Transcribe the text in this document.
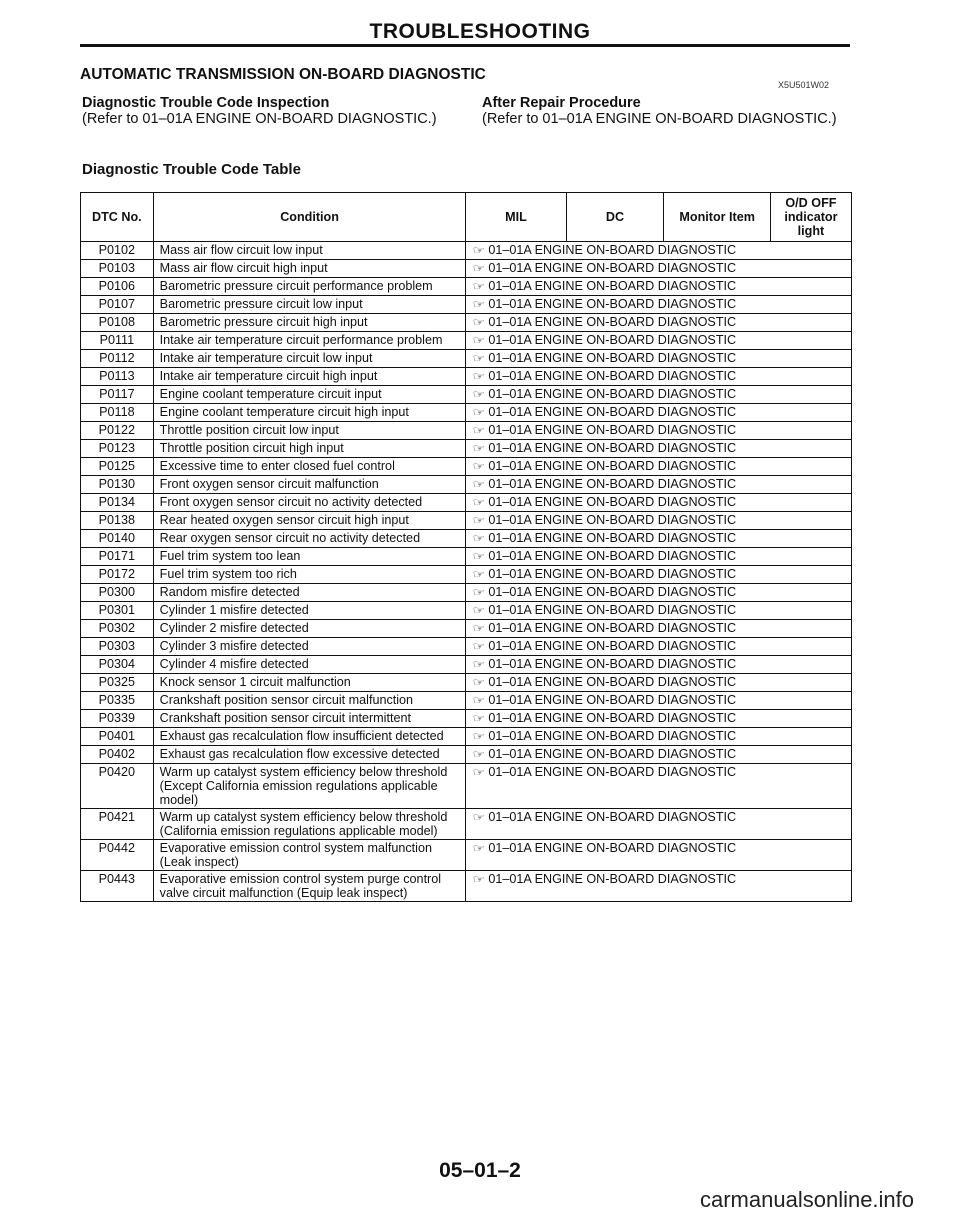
TROUBLESHOOTING
AUTOMATIC TRANSMISSION ON-BOARD DIAGNOSTIC
X5U501W02
Diagnostic Trouble Code Inspection
(Refer to 01–01A ENGINE ON-BOARD DIAGNOSTIC.)
After Repair Procedure
(Refer to 01–01A ENGINE ON-BOARD DIAGNOSTIC.)
Diagnostic Trouble Code Table
DTC No.	Condition	MIL	DC	Monitor Item	O/D OFF indicator light
P0102	Mass air flow circuit low input	☞ 01–01A ENGINE ON-BOARD DIAGNOSTIC			
P0103	Mass air flow circuit high input	☞ 01–01A ENGINE ON-BOARD DIAGNOSTIC			
P0106	Barometric pressure circuit performance problem	☞ 01–01A ENGINE ON-BOARD DIAGNOSTIC			
P0107	Barometric pressure circuit low input	☞ 01–01A ENGINE ON-BOARD DIAGNOSTIC			
P0108	Barometric pressure circuit high input	☞ 01–01A ENGINE ON-BOARD DIAGNOSTIC			
P0111	Intake air temperature circuit performance problem	☞ 01–01A ENGINE ON-BOARD DIAGNOSTIC			
P0112	Intake air temperature circuit low input	☞ 01–01A ENGINE ON-BOARD DIAGNOSTIC			
P0113	Intake air temperature circuit high input	☞ 01–01A ENGINE ON-BOARD DIAGNOSTIC			
P0117	Engine coolant temperature circuit input	☞ 01–01A ENGINE ON-BOARD DIAGNOSTIC			
P0118	Engine coolant temperature circuit high input	☞ 01–01A ENGINE ON-BOARD DIAGNOSTIC			
P0122	Throttle position circuit low input	☞ 01–01A ENGINE ON-BOARD DIAGNOSTIC			
P0123	Throttle position circuit high input	☞ 01–01A ENGINE ON-BOARD DIAGNOSTIC			
P0125	Excessive time to enter closed fuel control	☞ 01–01A ENGINE ON-BOARD DIAGNOSTIC			
P0130	Front oxygen sensor circuit malfunction	☞ 01–01A ENGINE ON-BOARD DIAGNOSTIC			
P0134	Front oxygen sensor circuit no activity detected	☞ 01–01A ENGINE ON-BOARD DIAGNOSTIC			
P0138	Rear heated oxygen sensor circuit high input	☞ 01–01A ENGINE ON-BOARD DIAGNOSTIC			
P0140	Rear oxygen sensor circuit no activity detected	☞ 01–01A ENGINE ON-BOARD DIAGNOSTIC			
P0171	Fuel trim system too lean	☞ 01–01A ENGINE ON-BOARD DIAGNOSTIC			
P0172	Fuel trim system too rich	☞ 01–01A ENGINE ON-BOARD DIAGNOSTIC			
P0300	Random misfire detected	☞ 01–01A ENGINE ON-BOARD DIAGNOSTIC			
P0301	Cylinder 1 misfire detected	☞ 01–01A ENGINE ON-BOARD DIAGNOSTIC			
P0302	Cylinder 2 misfire detected	☞ 01–01A ENGINE ON-BOARD DIAGNOSTIC			
P0303	Cylinder 3 misfire detected	☞ 01–01A ENGINE ON-BOARD DIAGNOSTIC			
P0304	Cylinder 4 misfire detected	☞ 01–01A ENGINE ON-BOARD DIAGNOSTIC			
P0325	Knock sensor 1 circuit malfunction	☞ 01–01A ENGINE ON-BOARD DIAGNOSTIC			
P0335	Crankshaft position sensor circuit malfunction	☞ 01–01A ENGINE ON-BOARD DIAGNOSTIC			
P0339	Crankshaft position sensor circuit intermittent	☞ 01–01A ENGINE ON-BOARD DIAGNOSTIC			
P0401	Exhaust gas recalculation flow insufficient detected	☞ 01–01A ENGINE ON-BOARD DIAGNOSTIC			
P0402	Exhaust gas recalculation flow excessive detected	☞ 01–01A ENGINE ON-BOARD DIAGNOSTIC			
P0420	Warm up catalyst system efficiency below threshold (Except California emission regulations applicable model)	☞ 01–01A ENGINE ON-BOARD DIAGNOSTIC			
P0421	Warm up catalyst system efficiency below threshold (California emission regulations applicable model)	☞ 01–01A ENGINE ON-BOARD DIAGNOSTIC			
P0442	Evaporative emission control system malfunction (Leak inspect)	☞ 01–01A ENGINE ON-BOARD DIAGNOSTIC			
P0443	Evaporative emission control system purge control valve circuit malfunction (Equip leak inspect)	☞ 01–01A ENGINE ON-BOARD DIAGNOSTIC			
05–01–2
carmanualsonline.info
